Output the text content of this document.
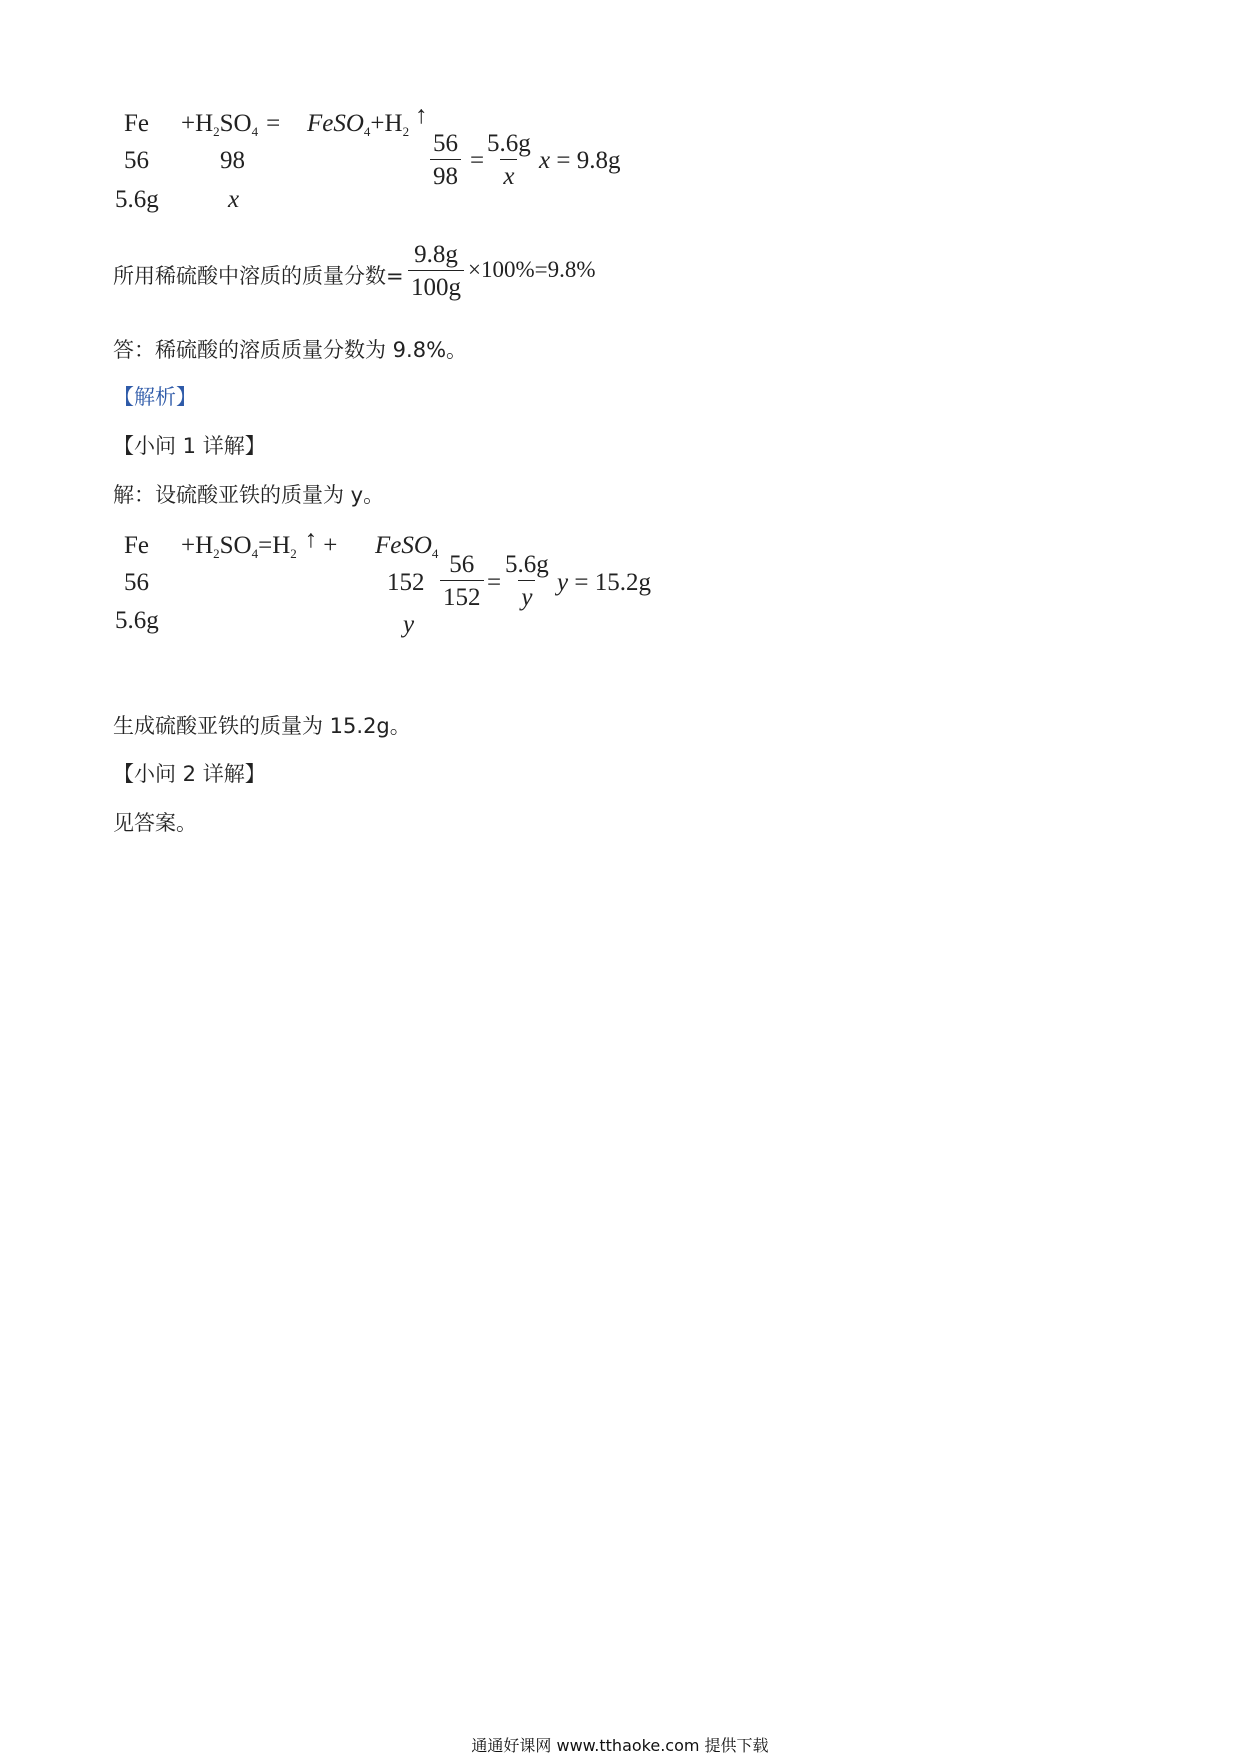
$Fe +H_2SO_4$ = $FeSO_4+H_2↑$
56	98
5.6g	x
$\frac{56}{98} = \frac{5.6g}{x}$ x = 9.8g
所用稀硫酸中溶质的质量分数= $\frac{9.8g}{100g} \times 100\%=9.8\%$
答：稀硫酸的溶质质量分数为 9.8%。
【解析】
【小问 1 详解】
解：设硫酸亚铁的质量为 y。
$Fe +H_2SO_4=H_2↑$ + FeSO$_4$
56	152
5.6g	y
$\frac{56}{152} = \frac{5.6g}{y}$ y = 15.2g
生成硫酸亚铁的质量为 15.2g。
【小问 2 详解】
见答案。
通通好课网 www.tthaoke.com 提供下载
